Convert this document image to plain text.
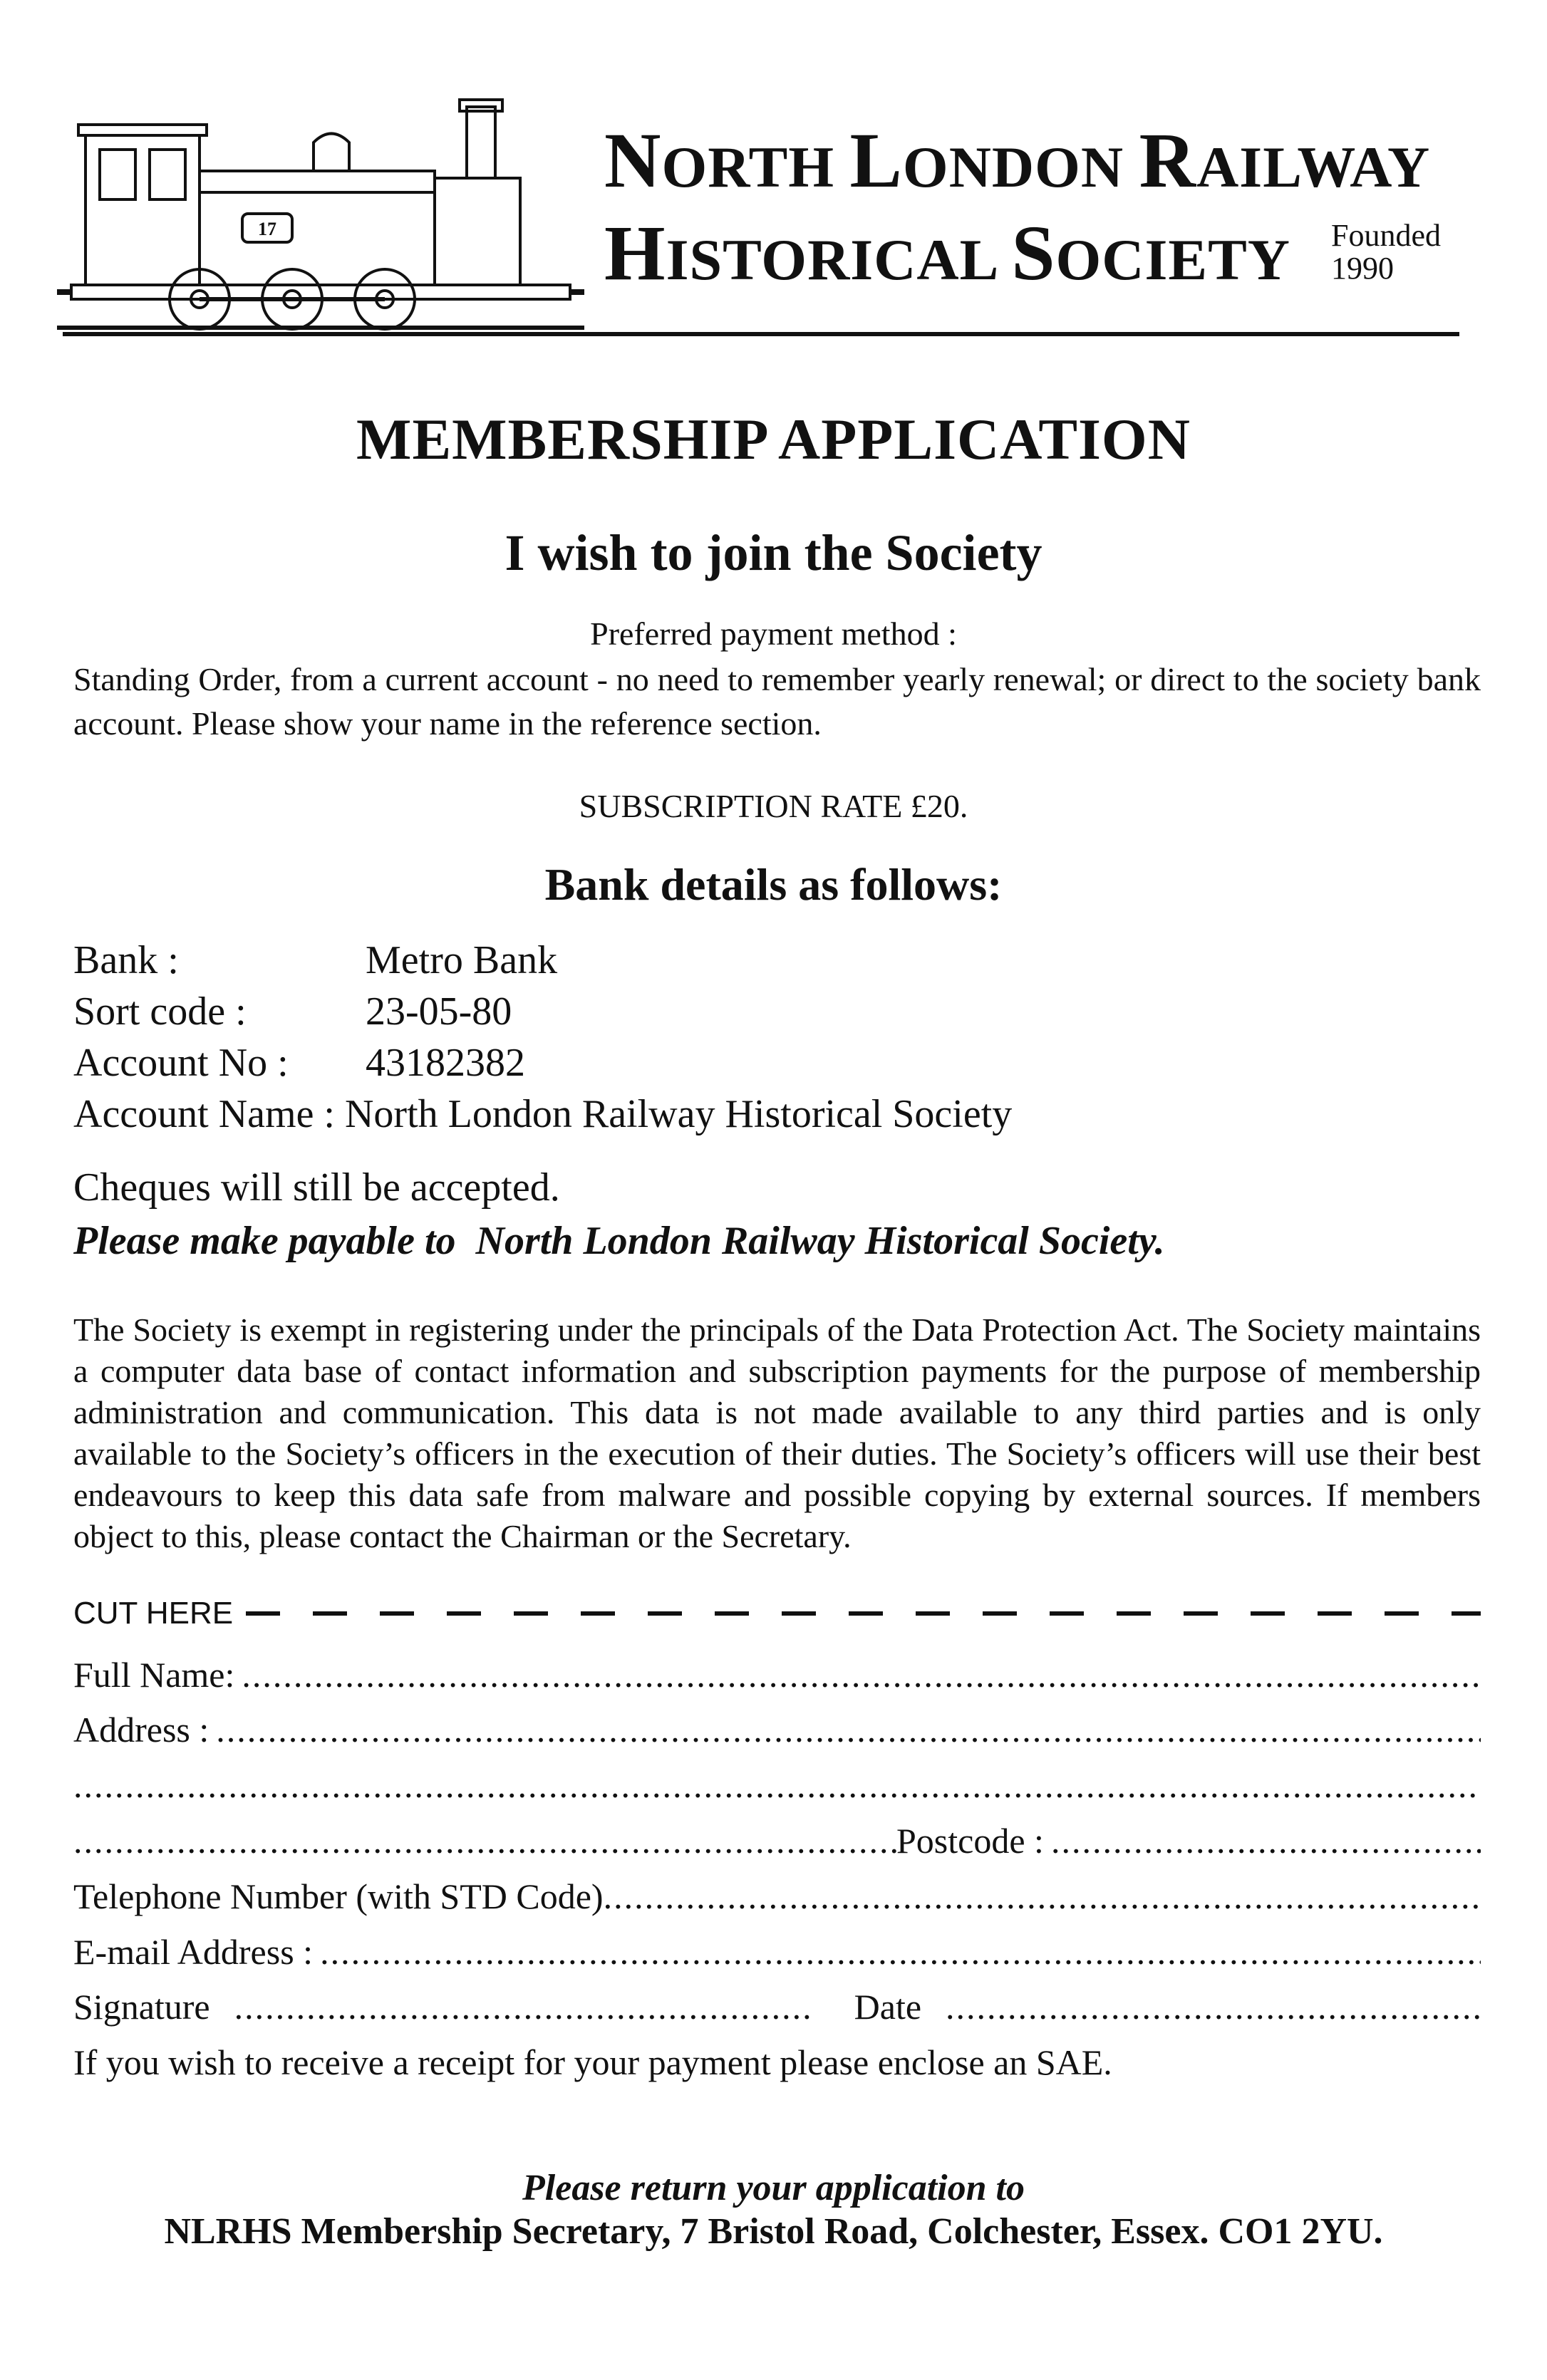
17
NORTH LONDON RAILWAY
HISTORICAL SOCIETY	Founded
1990
MEMBERSHIP APPLICATION
I wish to join the Society
Preferred payment method :
Standing Order, from a current account - no need to remember yearly renewal; or direct to the society bank account. Please show your name in the reference section.
SUBSCRIPTION RATE £20.
Bank details as follows:
Bank :	Metro Bank
Sort code :	23-05-80
Account No : 43182382
Account Name : North London Railway Historical Society
Cheques will still be accepted.
Please make payable to  North London Railway Historical Society.
The Society is exempt in registering under the principals of the Data Protection Act. The Society maintains a computer data base of contact information and subscription payments for the purpose of membership administration and communication. This data is not made available to any third parties and is only available to the Society’s officers in the execution of their duties. The Society’s officers will use their best endeavours to keep this data safe from malware and possible copying by external sources. If members object to this, please contact the Chairman or the Secretary.
CUT HERE
Full Name:
.....
Address :
.....
.....
.....
Postcode :
.....
Telephone Number (with STD Code)
.....
E-mail Address :
.....
Signature
.....	Date
.....
If you wish to receive a receipt for your payment please enclose an SAE.
Please return your application to
NLRHS Membership Secretary, 7 Bristol Road, Colchester, Essex. CO1 2YU.
